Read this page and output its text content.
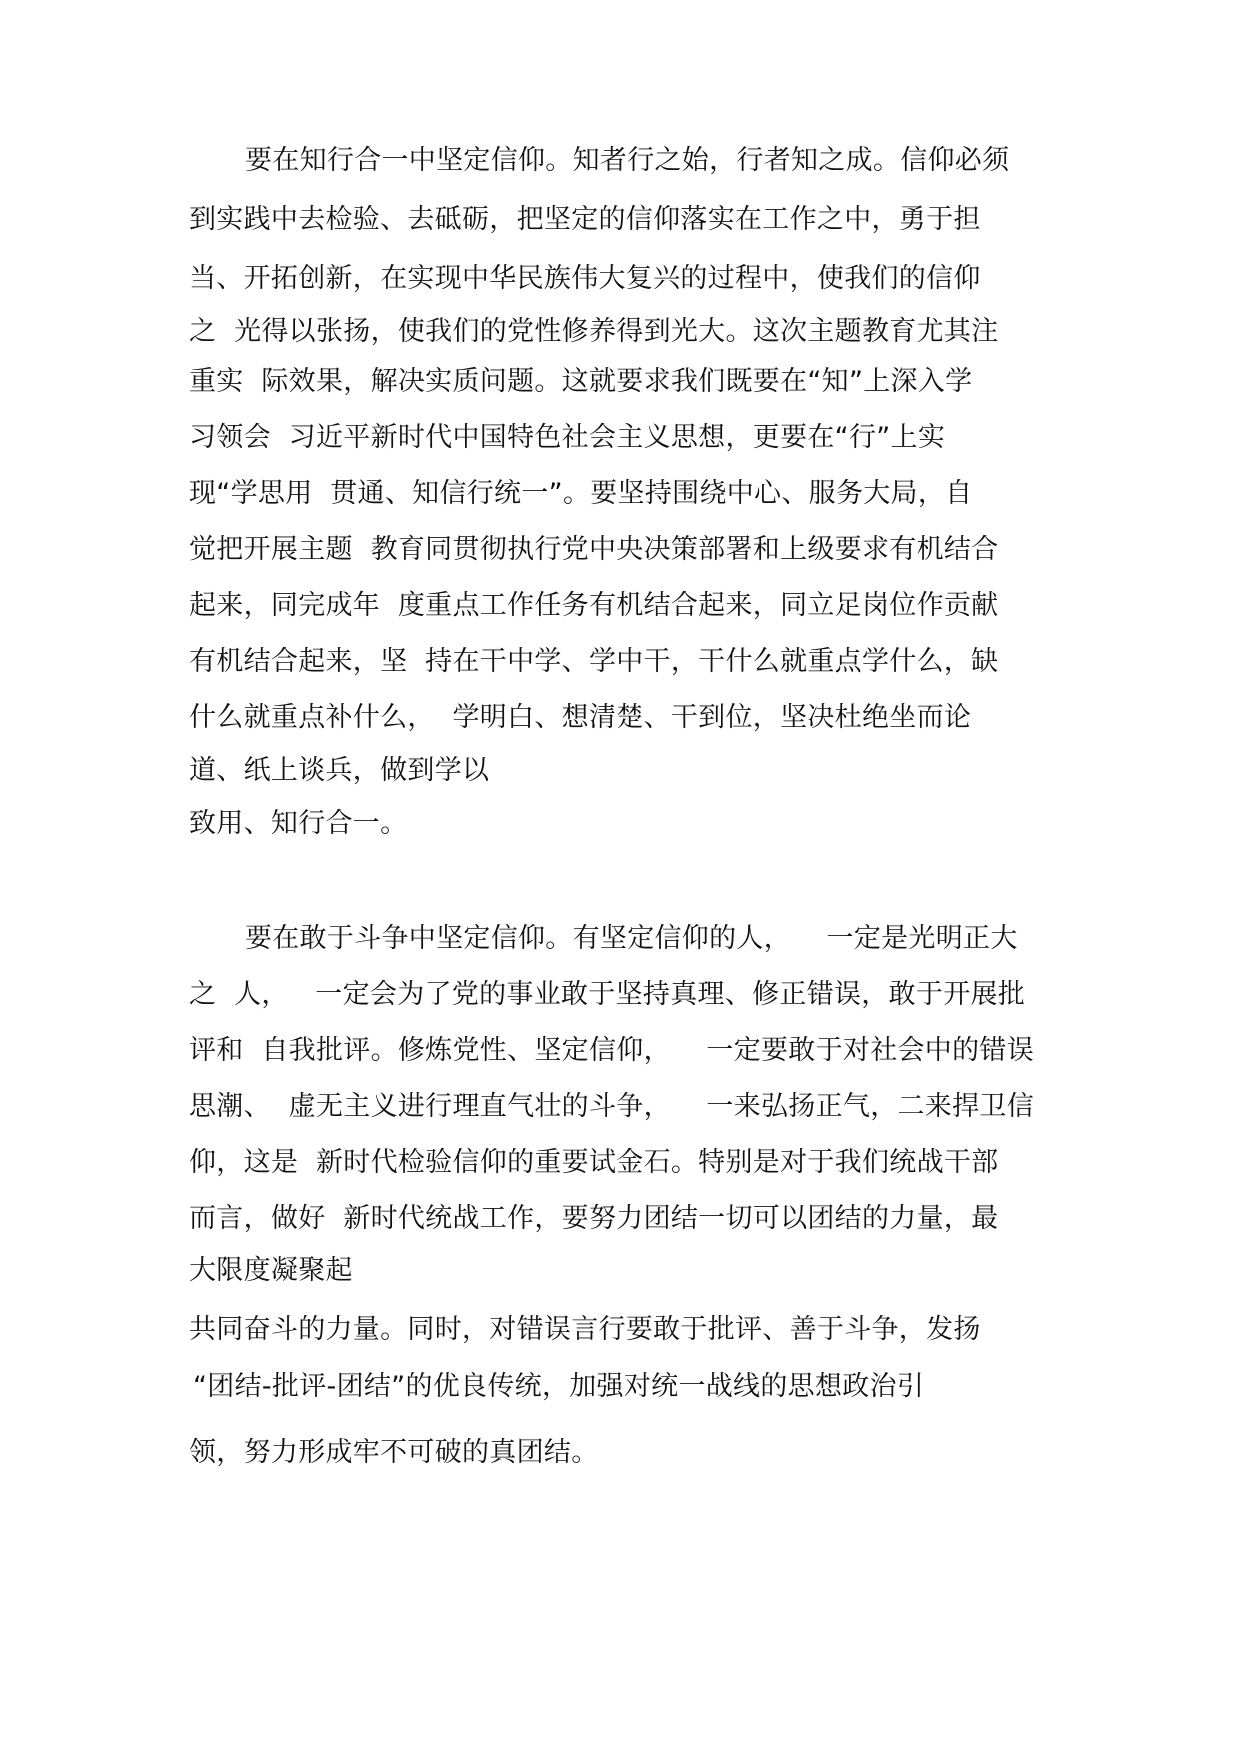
要在知行合一中坚定信仰。知者行之始，行者知之成。信仰必须
到实践中去检验、去砥砺，把坚定的信仰落实在工作之中，勇于担
当、开拓创新，在实现中华民族伟大复兴的过程中，使我们的信仰
之  光得以张扬，使我们的党性修养得到光大。这次主题教育尤其注
重实  际效果，解决实质问题。这就要求我们既要在“知”上深入学
习领会  习近平新时代中国特色社会主义思想，更要在“行”上实
现“学思用  贯通、知信行统一”。要坚持围绕中心、服务大局，自
觉把开展主题  教育同贯彻执行党中央决策部署和上级要求有机结合
起来，同完成年  度重点工作任务有机结合起来，同立足岗位作贡献
有机结合起来，坚  持在干中学、学中干，干什么就重点学什么，缺
什么就重点补什么，  学明白、想清楚、干到位，坚决杜绝坐而论
道、纸上谈兵，做到学以
致用、知行合一。
要在敢于斗争中坚定信仰。有坚定信仰的人，    一定是光明正大
之  人，   一定会为了党的事业敢于坚持真理、修正错误，敢于开展批
评和  自我批评。修炼党性、坚定信仰，    一定要敢于对社会中的错误
思潮、  虚无主义进行理直气壮的斗争，    一来弘扬正气，二来捍卫信
仰，这是  新时代检验信仰的重要试金石。特别是对于我们统战干部
而言，做好  新时代统战工作，要努力团结一切可以团结的力量，最
大限度凝聚起
共同奋斗的力量。同时，对错误言行要敢于批评、善于斗争，发扬
“团结-批评-团结”的优良传统，加强对统一战线的思想政治引
领，努力形成牢不可破的真团结。
